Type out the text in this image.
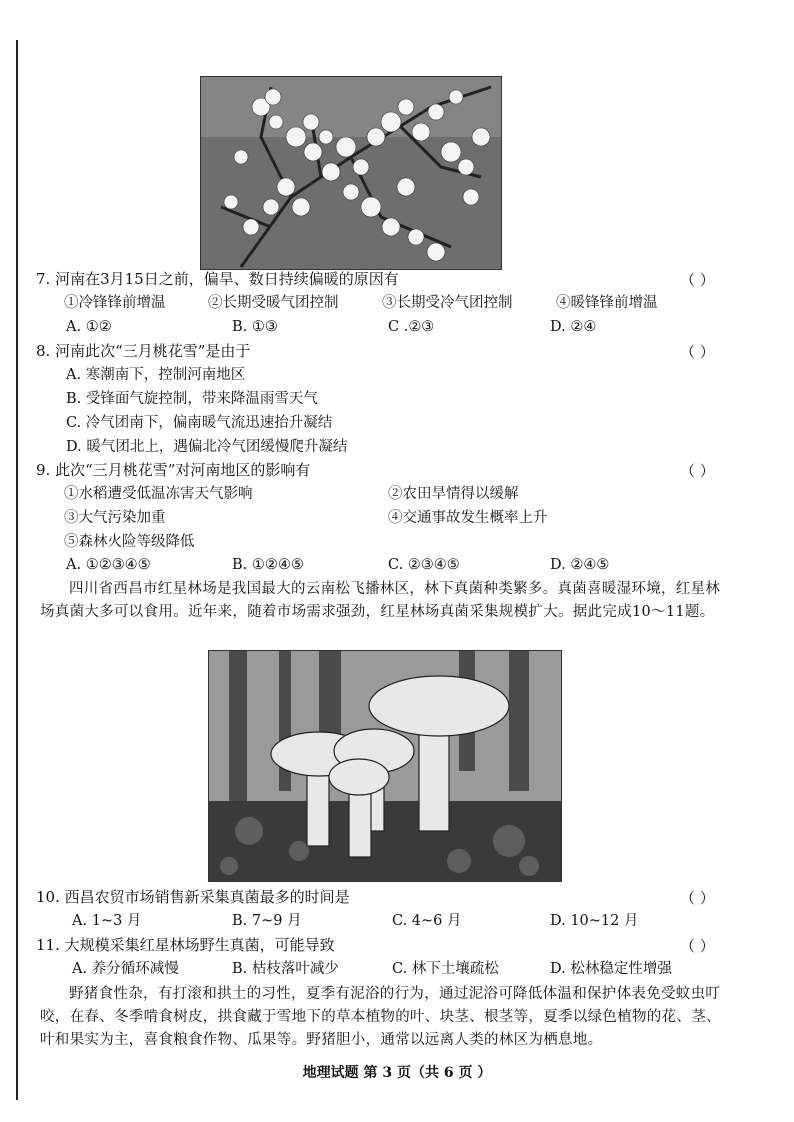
7. 河南在3月15日之前，偏旱、数日持续偏暖的原因有	（ ）
①冷锋锋前增温	②长期受暖气团控制	③长期受冷气团控制	④暖锋锋前增温
A. ①②	B. ①③	C .②③	D. ②④
8. 河南此次“三月桃花雪”是由于	（ ）
A. 寒潮南下，控制河南地区
B. 受锋面气旋控制，带来降温雨雪天气
C. 冷气团南下，偏南暖气流迅速抬升凝结
D. 暖气团北上，遇偏北冷气团缓慢爬升凝结
9. 此次“三月桃花雪”对河南地区的影响有	（ ）
①水稻遭受低温冻害天气影响	②农田旱情得以缓解
③大气污染加重	④交通事故发生概率上升
⑤森林火险等级降低
A. ①②③④⑤	B. ①②④⑤	C. ②③④⑤	D. ②④⑤
四川省西昌市红星林场是我国最大的云南松飞播林区，林下真菌种类繁多。真菌喜暖湿环境，红星林场真菌大多可以食用。近年来，随着市场需求强劲，红星林场真菌采集规模扩大。据此完成10～11题。
10. 西昌农贸市场销售新采集真菌最多的时间是	（ ）
A. 1~3 月	B. 7~9 月	C. 4~6 月	D. 10~12 月
11. 大规模采集红星林场野生真菌，可能导致	（ ）
A. 养分循环减慢	B. 枯枝落叶减少	C. 林下土壤疏松	D. 松林稳定性增强
野猪食性杂，有打滚和拱土的习性，夏季有泥浴的行为，通过泥浴可降低体温和保护体表免受蚊虫叮咬，在春、冬季啃食树皮，拱食藏于雪地下的草本植物的叶、块茎、根茎等，夏季以绿色植物的花、茎、叶和果实为主，喜食粮食作物、瓜果等。野猪胆小，通常以远离人类的林区为栖息地。
地理试题 第 3 页（共 6 页 ）
